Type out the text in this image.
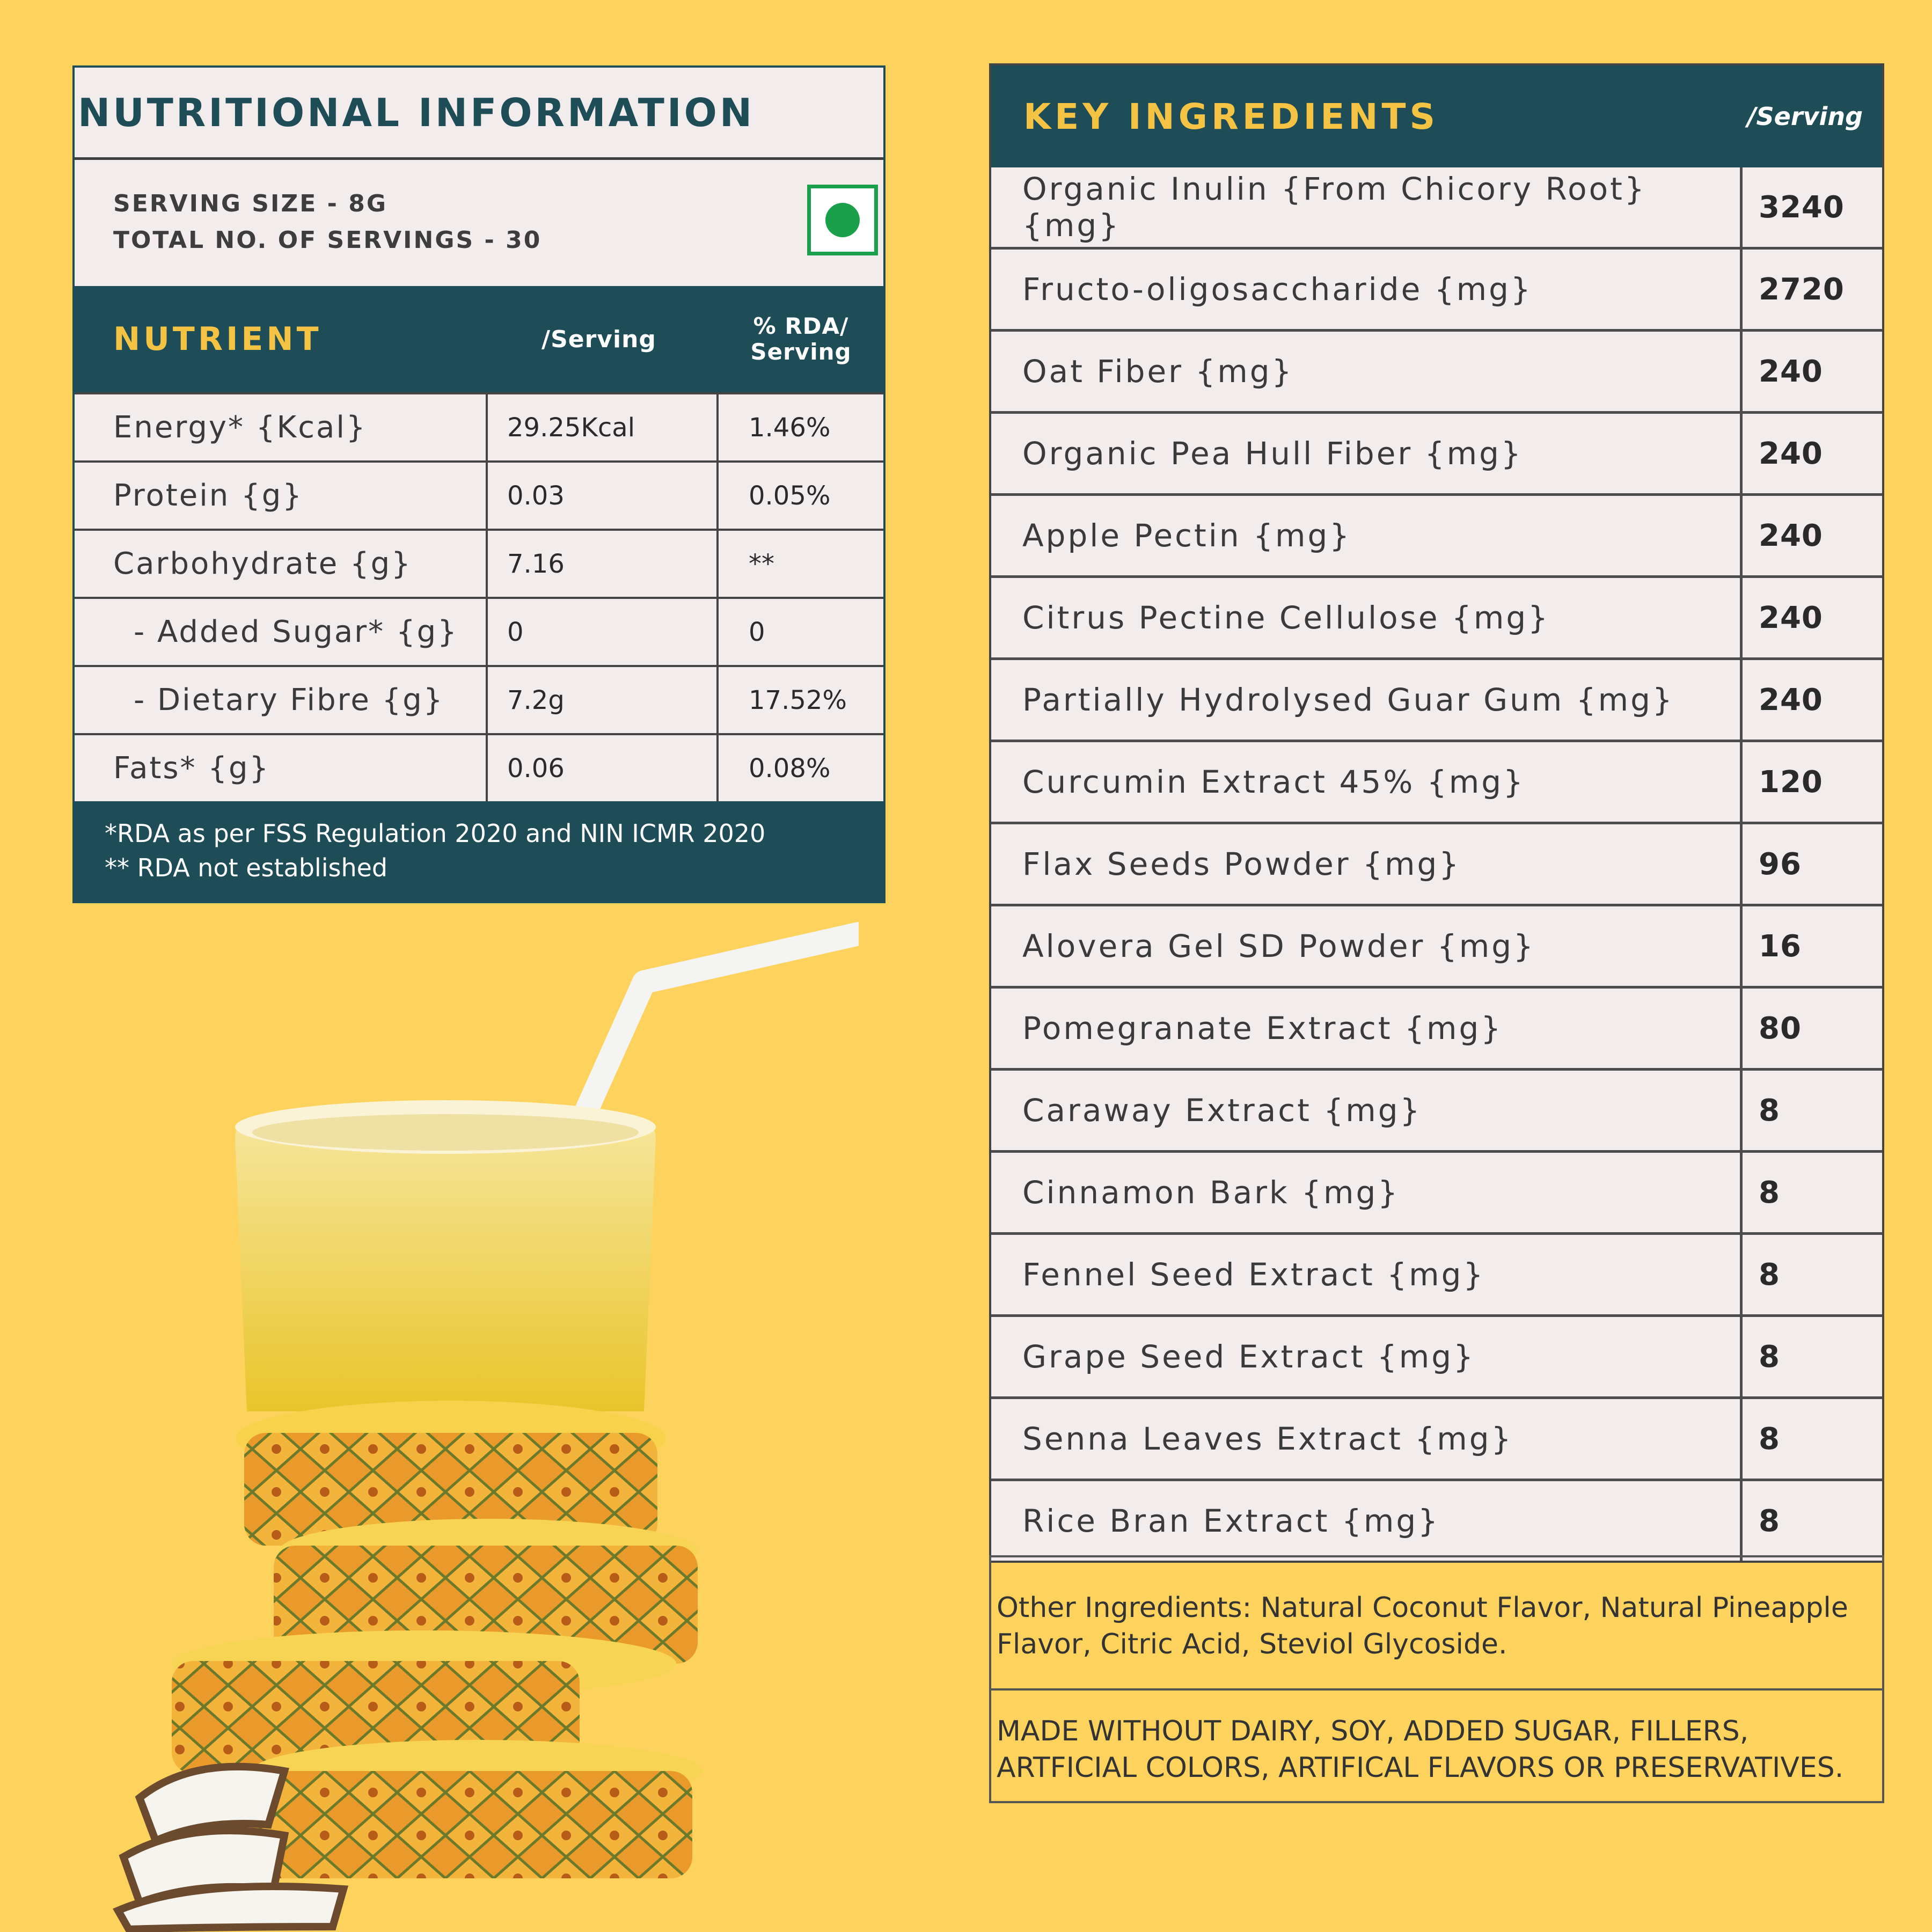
NUTRITIONAL INFORMATION
SERVING SIZE - 8G
TOTAL NO. OF SERVINGS - 30
NUTRIENT	/Serving	% RDA/
Serving
Energy* {Kcal}	29.25Kcal	1.46%
Protein {g}	0.03	0.05%
Carbohydrate {g}	7.16	**
- Added Sugar* {g}	0	0
- Dietary Fibre {g}	7.2g	17.52%
Fats* {g}	0.06	0.08%
*RDA as per FSS Regulation 2020 and NIN ICMR 2020
** RDA not established
KEY INGREDIENTS	/Serving
Organic Inulin {From Chicory Root} {mg}	3240
Fructo-oligosaccharide {mg}	2720
Oat Fiber {mg}	240
Organic Pea Hull Fiber {mg}	240
Apple Pectin {mg}	240
Citrus Pectine Cellulose {mg}	240
Partially Hydrolysed Guar Gum {mg}	240
Curcumin Extract 45% {mg}	120
Flax Seeds Powder {mg}	96
Alovera Gel SD Powder {mg}	16
Pomegranate Extract {mg}	80
Caraway Extract {mg}	8
Cinnamon Bark {mg}	8
Fennel Seed Extract {mg}	8
Grape Seed Extract {mg}	8
Senna Leaves Extract {mg}	8
Rice Bran Extract {mg}	8
Other Ingredients: Natural Coconut Flavor, Natural Pineapple
Flavor, Citric Acid, Steviol Glycoside.
MADE WITHOUT DAIRY, SOY, ADDED SUGAR, FILLERS,
ARTFICIAL COLORS, ARTIFICAL FLAVORS OR PRESERVATIVES.
